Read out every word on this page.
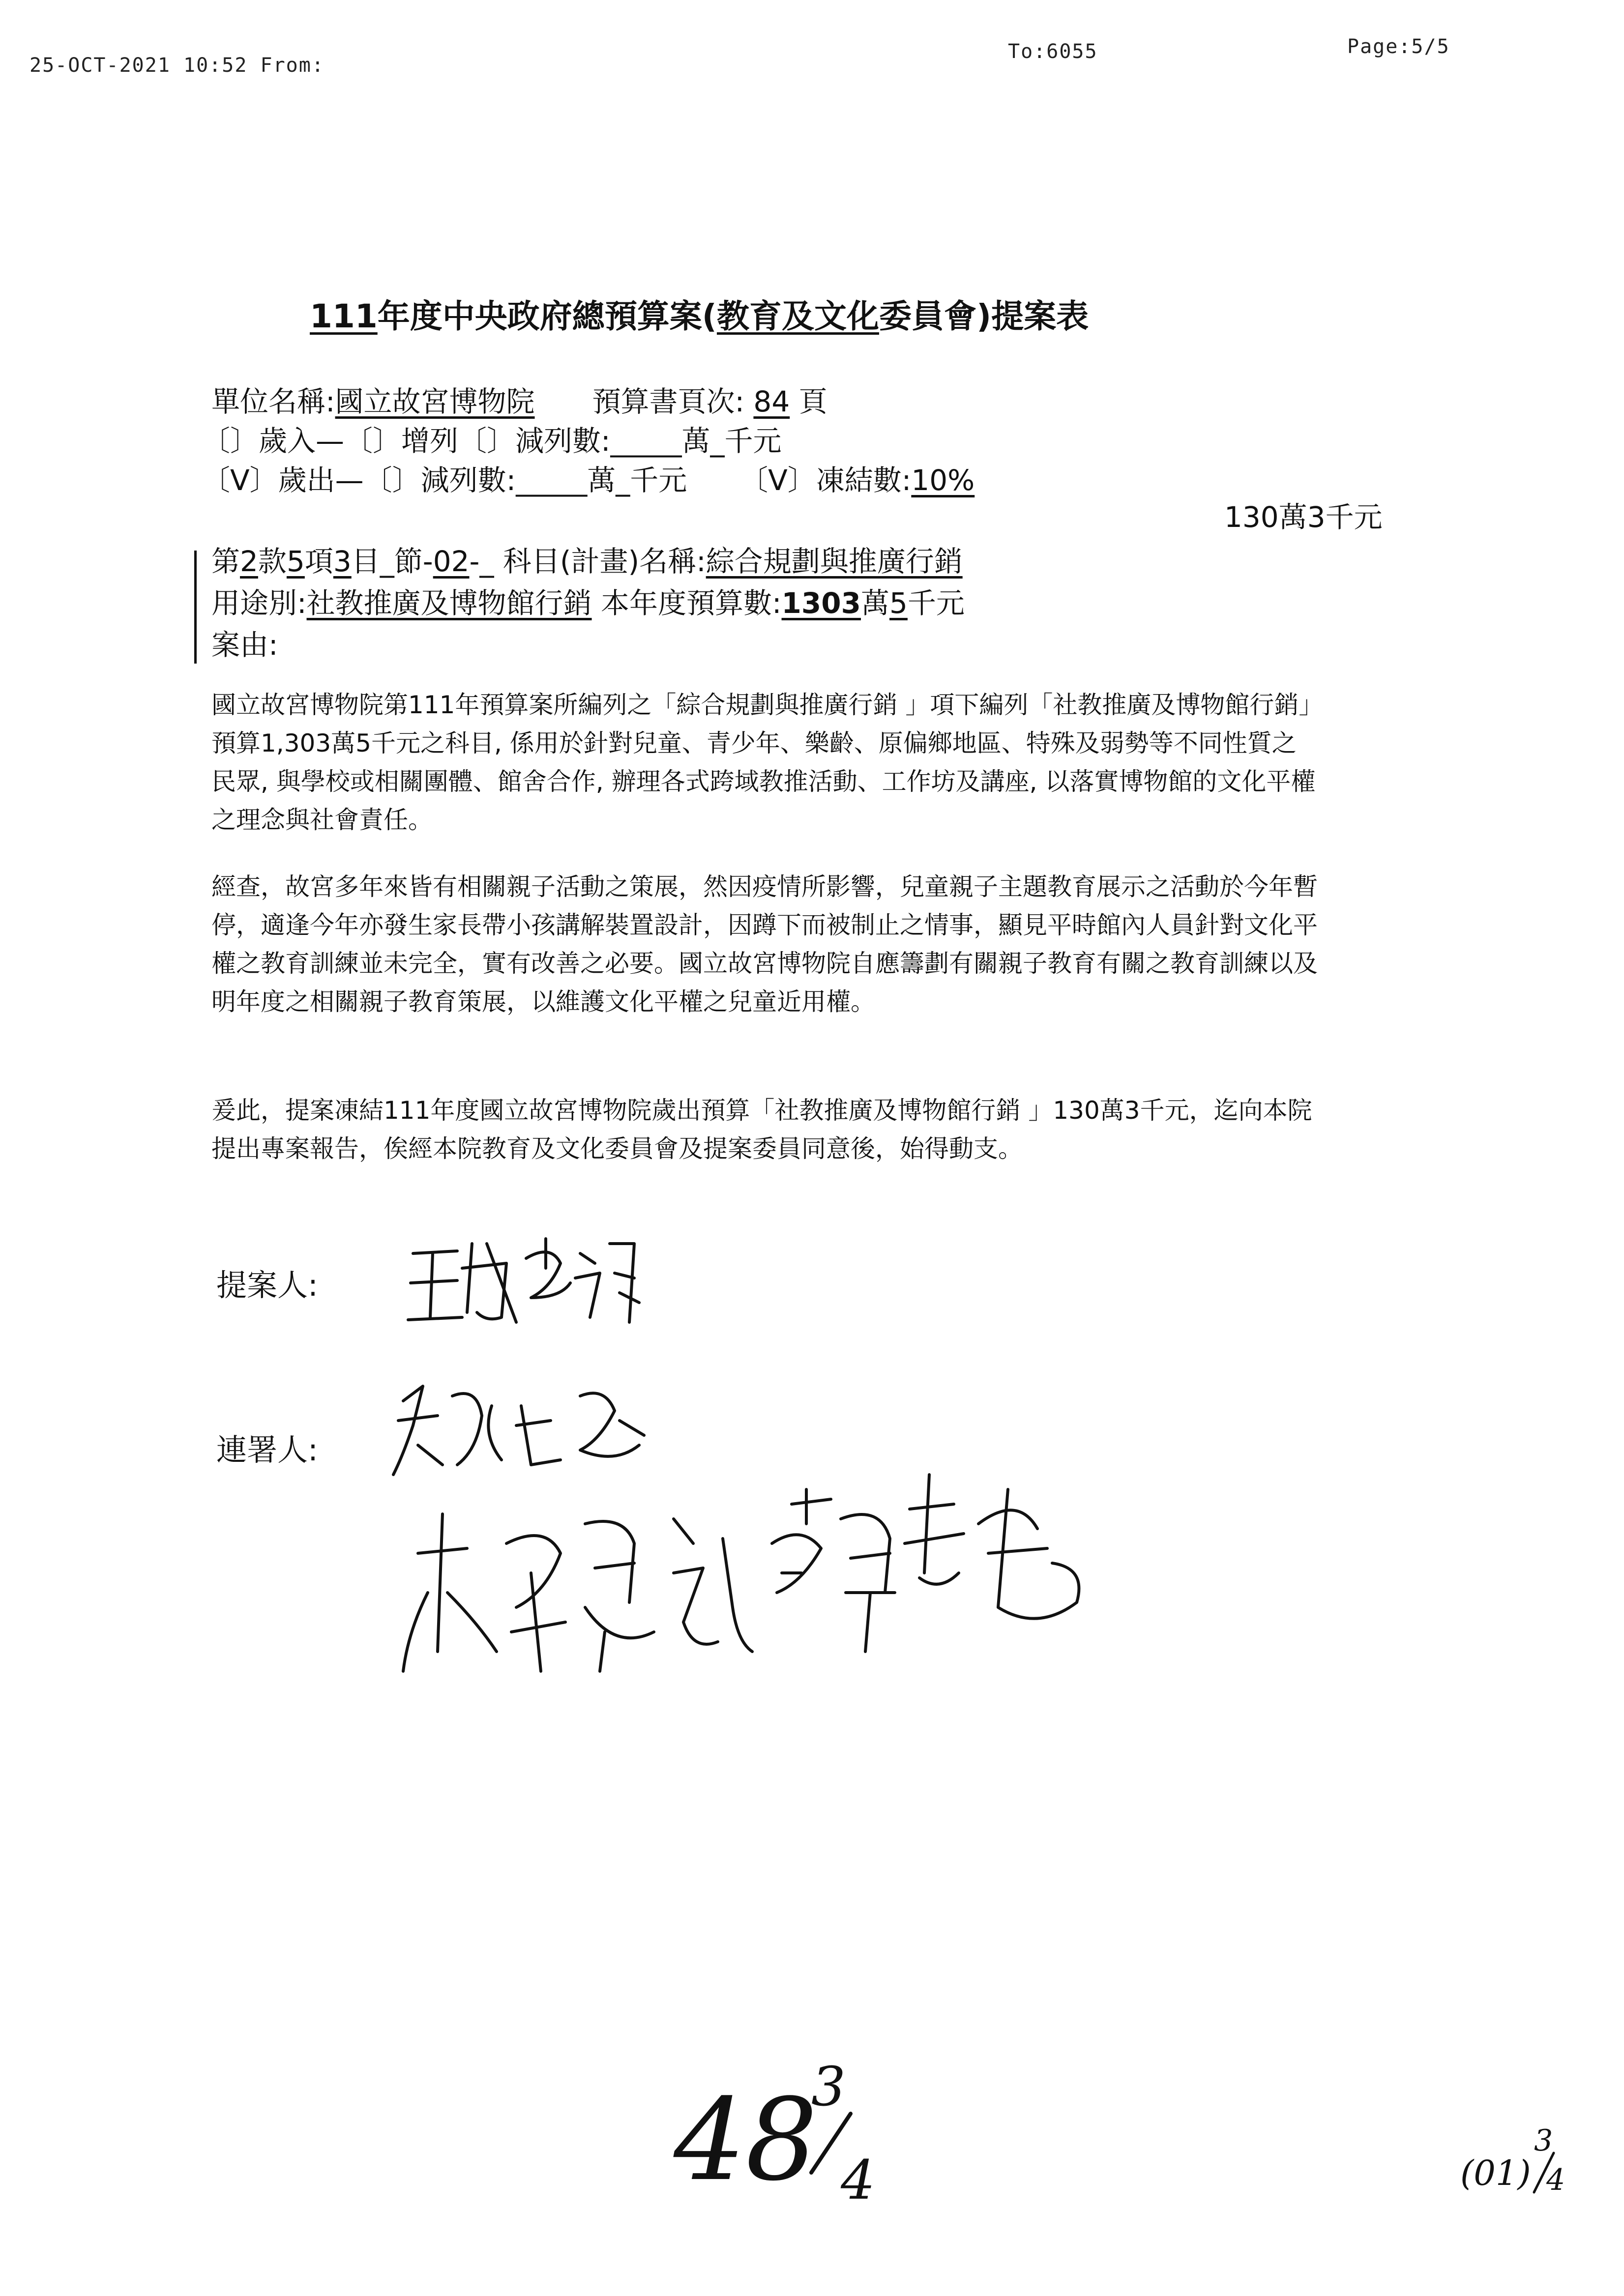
25-OCT-2021 10:52 From:
To:6055	Page:5/5
111年度中央政府總預算案(教育及文化委員會)提案表
單位名稱:國立故宮博物院 預算書頁次: 84 頁
〔〕歲入—〔〕增列〔〕減列數:_____萬_千元
〔V〕歲出—〔〕減列數:_____萬_千元 〔V〕凍結數:10%
130萬3千元
第2款5項3目_節-02-_ 科目(計畫)名稱:綜合規劃與推廣行銷
用途別:社教推廣及博物館行銷 本年度預算數:1303萬5千元
案由:
國立故宮博物院第111年預算案所編列之「綜合規劃與推廣行銷 」項下編列「社教推廣及博物館行銷」預算1,303萬5千元之科目, 係用於針對兒童、青少年、樂齡、原偏鄉地區、特殊及弱勢等不同性質之民眾, 與學校或相關團體、館舍合作, 辦理各式跨域教推活動、工作坊及講座, 以落實博物館的文化平權之理念與社會責任。
經查，故宮多年來皆有相關親子活動之策展，然因疫情所影響，兒童親子主題教育展示之活動於今年暫停，適逢今年亦發生家長帶小孩講解裝置設計，因蹲下而被制止之情事，顯見平時館內人員針對文化平權之教育訓練並未完全，實有改善之必要。國立故宮博物院自應籌劃有關親子教育有關之教育訓練以及明年度之相關親子教育策展，以維護文化平權之兒童近用權。
爰此，提案凍結111年度國立故宮博物院歲出預算「社教推廣及博物館行銷 」130萬3千元，迄向本院提出專案報告，俟經本院教育及文化委員會及提案委員同意後，始得動支。
提案人:
連署人:
48
3
4	(01)
3
4
